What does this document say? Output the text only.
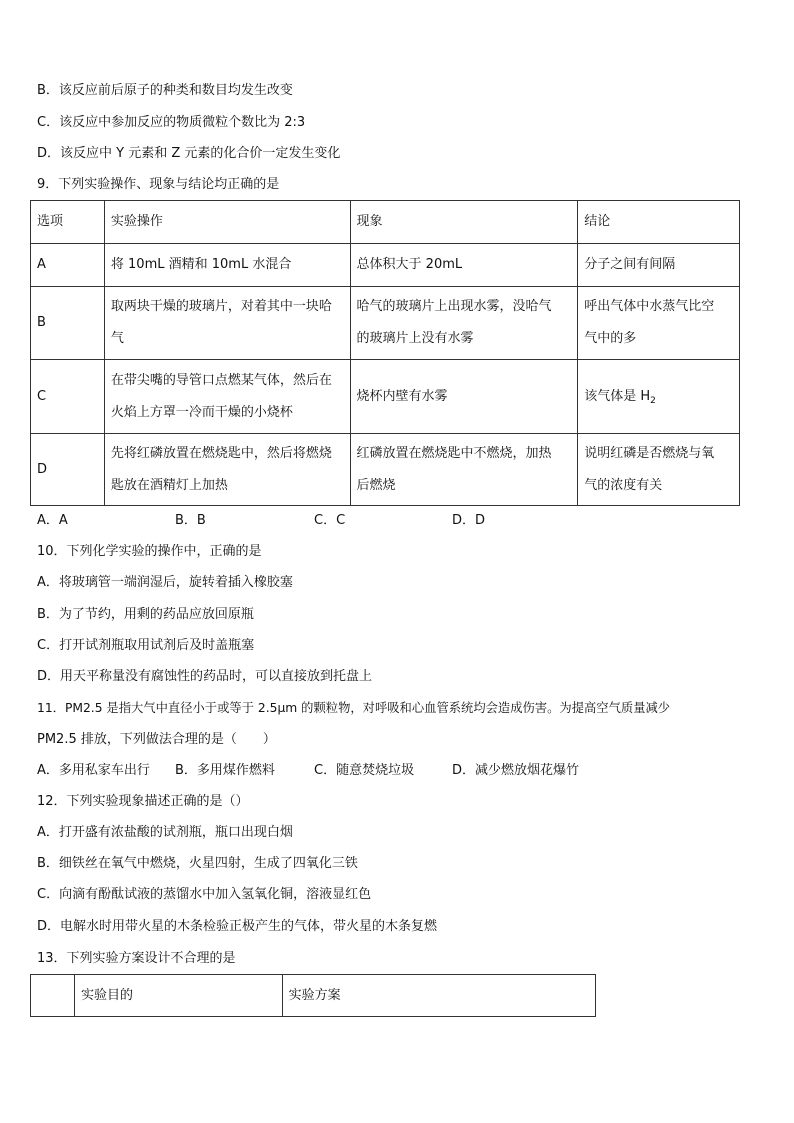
B．该反应前后原子的种类和数目均发生改变
C．该反应中参加反应的物质微粒个数比为 2:3
D．该反应中 Y 元素和 Z 元素的化合价一定发生变化
9．下列实验操作、现象与结论均正确的是
选项	实验操作	现象	结论
A	将 10mL 酒精和 10mL 水混合	总体积大于 20mL	分子之间有间隔

B	取两块干燥的玻璃片，对着其中一块哈
气	哈气的玻璃片上出现水雾，没哈气
的玻璃片上没有水雾	呼出气体中水蒸气比空
气中的多

C	在带尖嘴的导管口点燃某气体，然后在
火焰上方罩一冷而干燥的小烧杯	烧杯内壁有水雾	该气体是 $H_2$
D	先将红磷放置在燃烧匙中，然后将燃烧
匙放在酒精灯上加热	红磷放置在燃烧匙中不燃烧，加热
后燃烧	说明红磷是否燃烧与氧
气的浓度有关
A．A	B．B	C．C	D．D
10．下列化学实验的操作中，正确的是
A．将玻璃管一端润湿后，旋转着插入橡胶塞
B．为了节约，用剩的药品应放回原瓶
C．打开试剂瓶取用试剂后及时盖瓶塞
D．用天平称量没有腐蚀性的药品时，可以直接放到托盘上
11．PM2.5 是指大气中直径小于或等于 2.5μm 的颗粒物，对呼吸和心血管系统均会造成伤害。为提高空气质量减少
PM2.5 排放，下列做法合理的是（　　）
A．多用私家车出行 B．多用煤作燃料	C．随意焚烧垃圾	D．减少燃放烟花爆竹
12．下列实验现象描述正确的是（）
A．打开盛有浓盐酸的试剂瓶，瓶口出现白烟
B．细铁丝在氧气中燃烧，火星四射，生成了四氧化三铁
C．向滴有酚酞试液的蒸馏水中加入氢氧化铜，溶液显红色
D．电解水时用带火星的木条检验正极产生的气体，带火星的木条复燃
13．下列实验方案设计不合理的是
	实验目的	实验方案
